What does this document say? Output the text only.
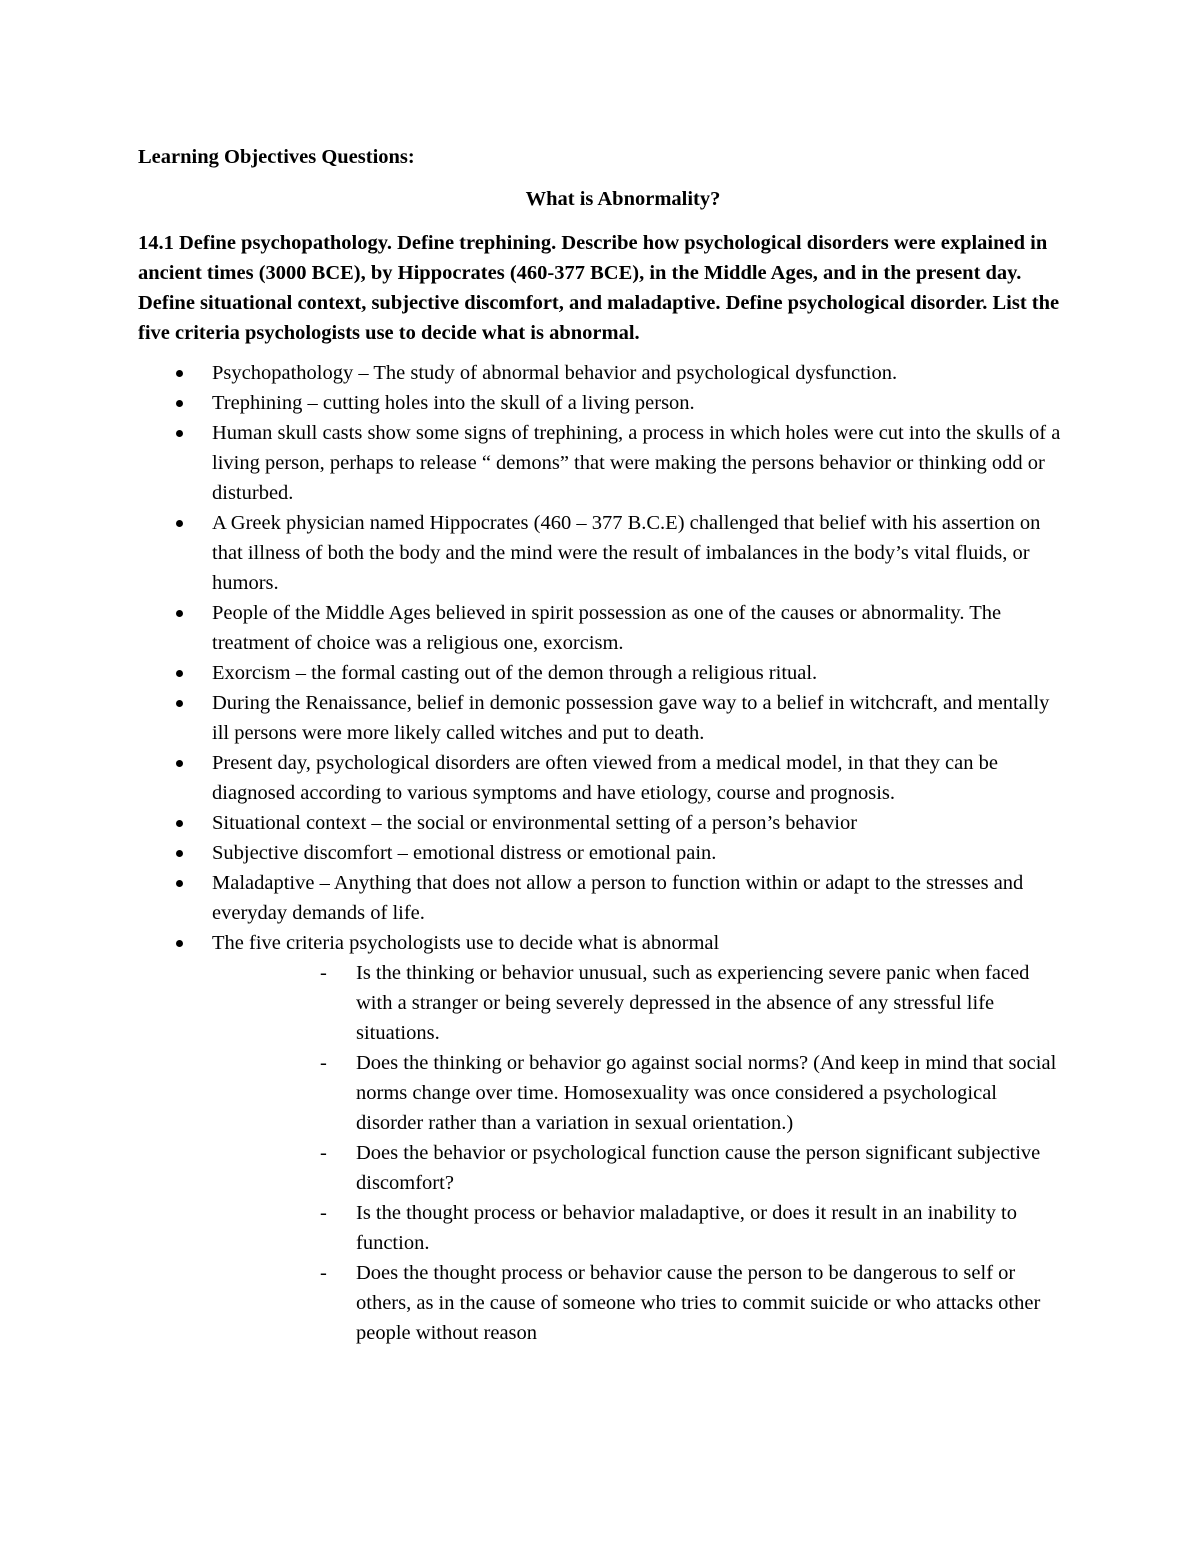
Learning Objectives Questions:
What is Abnormality?
14.1 Define psychopathology. Define trephining. Describe how psychological disorders were explained in ancient times (3000 BCE), by Hippocrates (460-377 BCE), in the Middle Ages, and in the present day. Define situational context, subjective discomfort, and maladaptive. Define psychological disorder. List the five criteria psychologists use to decide what is abnormal.
Psychopathology – The study of abnormal behavior and psychological dysfunction.
Trephining – cutting holes into the skull of a living person.
Human skull casts show some signs of trephining, a process in which holes were cut into the skulls of a living person, perhaps to release “ demons” that were making the persons behavior or thinking odd or disturbed.
A Greek physician named Hippocrates (460 – 377 B.C.E) challenged that belief with his assertion on that illness of both the body and the mind were the result of imbalances in the body’s vital fluids, or humors.
People of the Middle Ages believed in spirit possession as one of the causes or abnormality. The treatment of choice was a religious one, exorcism.
Exorcism – the formal casting out of the demon through a religious ritual.
During the Renaissance, belief in demonic possession gave way to a belief in witchcraft, and mentally ill persons were more likely called witches and put to death.
Present day, psychological disorders are often viewed from a medical model, in that they can be diagnosed according to various symptoms and have etiology, course and prognosis.
Situational context – the social or environmental setting of a person’s behavior
Subjective discomfort – emotional distress or emotional pain.
Maladaptive – Anything that does not allow a person to function within or adapt to the stresses and everyday demands of life.
The five criteria psychologists use to decide what is abnormal
- Is the thinking or behavior unusual, such as experiencing severe panic when faced with a stranger or being severely depressed in the absence of any stressful life situations.
- Does the thinking or behavior go against social norms? (And keep in mind that social norms change over time. Homosexuality was once considered a psychological disorder rather than a variation in sexual orientation.)
- Does the behavior or psychological function cause the person significant subjective discomfort?
- Is the thought process or behavior maladaptive, or does it result in an inability to function.
- Does the thought process or behavior cause the person to be dangerous to self or others, as in the cause of someone who tries to commit suicide or who attacks other people without reason
